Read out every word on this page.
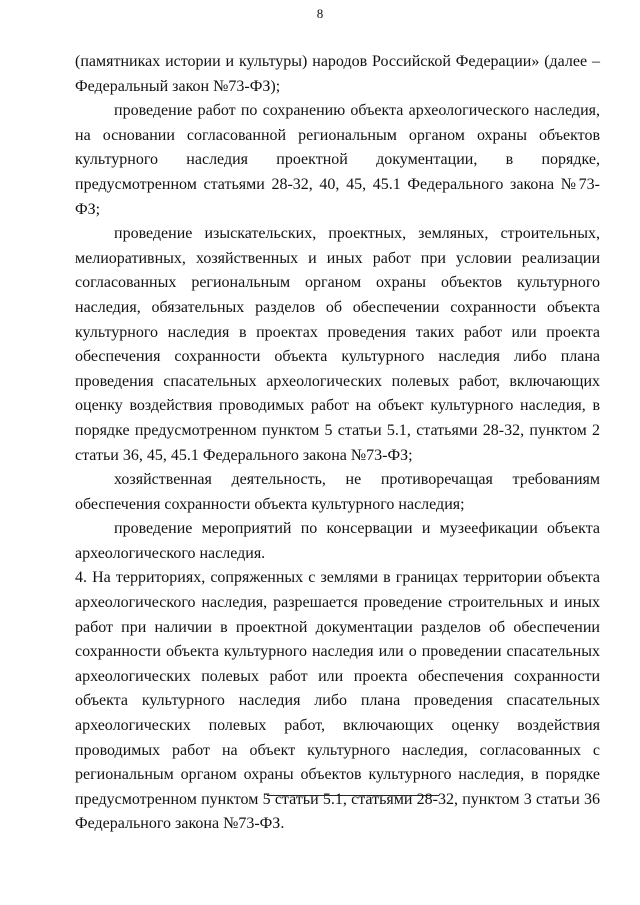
8

(памятниках истории и культуры) народов Российской Федерации» (далее – Федеральный закон №73-ФЗ);

проведение работ по сохранению объекта археологического наследия, на основании согласованной региональным органом охраны объектов культурного наследия проектной документации, в порядке, предусмотренном статьями 28-32, 40, 45, 45.1 Федерального закона №73-ФЗ;

проведение изыскательских, проектных, земляных, строительных, мелиоративных, хозяйственных и иных работ при условии реализации согласованных региональным органом охраны объектов культурного наследия, обязательных разделов об обеспечении сохранности объекта культурного наследия в проектах проведения таких работ или проекта обеспечения сохранности объекта культурного наследия либо плана проведения спасательных археологических полевых работ, включающих оценку воздействия проводимых работ на объект культурного наследия, в порядке предусмотренном пунктом 5 статьи 5.1, статьями 28-32, пунктом 2 статьи 36, 45, 45.1 Федерального закона №73-ФЗ;

хозяйственная деятельность, не противоречащая требованиям обеспечения сохранности объекта культурного наследия;

проведение мероприятий по консервации и музеефикации объекта археологического наследия.

4. На территориях, сопряженных с землями в границах территории объекта археологического наследия, разрешается проведение строительных и иных работ при наличии в проектной документации разделов об обеспечении сохранности объекта культурного наследия или о проведении спасательных археологических полевых работ или проекта обеспечения сохранности объекта культурного наследия либо плана проведения спасательных археологических полевых работ, включающих оценку воздействия проводимых работ на объект культурного наследия, согласованных с региональным органом охраны объектов культурного наследия, в порядке предусмотренном пунктом 5 статьи 5.1, статьями 28-32, пунктом 3 статьи 36 Федерального закона №73-ФЗ.
